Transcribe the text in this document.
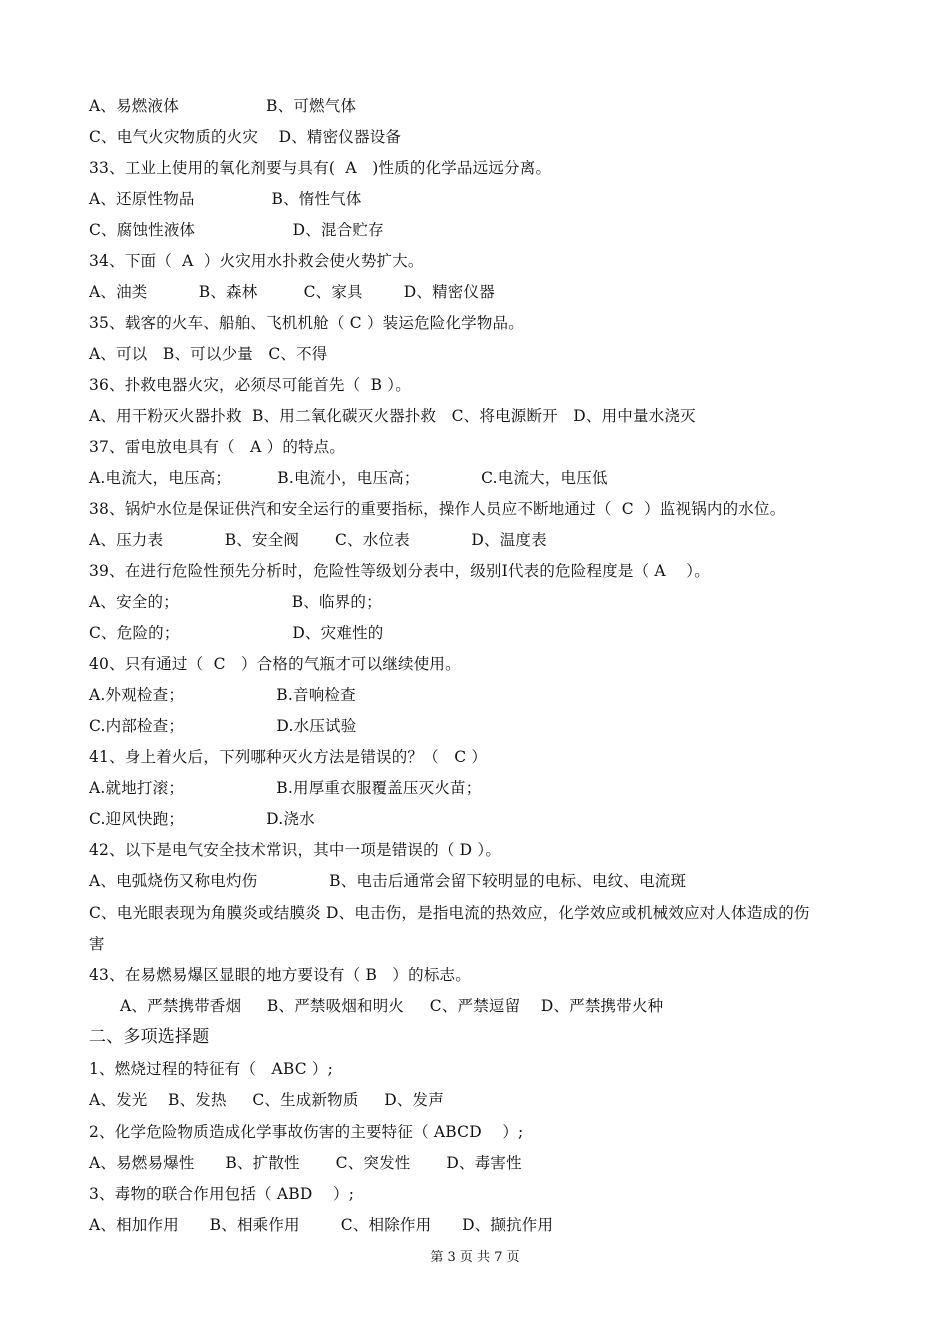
A、易燃液体                 B、可燃气体
C、电气火灾物质的火灾    D、精密仪器设备
33、工业上使用的氧化剂要与具有(  A   )性质的化学品远远分离。
A、还原性物品               B、惰性气体
C、腐蚀性液体                   D、混合贮存
34、下面（  A  ）火灾用水扑救会使火势扩大。
A、油类          B、森林         C、家具        D、精密仪器
35、载客的火车、船舶、飞机机舱（ C ）装运危险化学物品。
A、可以   B、可以少量   C、不得
36、扑救电器火灾，必须尽可能首先（  B ）。
A、用干粉灭火器扑救  B、用二氧化碳灭火器扑救   C、将电源断开   D、用中量水浇灭
37、雷电放电具有（   A ）的特点。
A.电流大，电压高；         B.电流小，电压高；            C.电流大，电压低
38、锅炉水位是保证供汽和安全运行的重要指标，操作人员应不断地通过（  C  ）监视锅内的水位。
A、压力表            B、安全阀       C、水位表            D、温度表
39、在进行危险性预先分析时，危险性等级划分表中，级别Ⅰ代表的危险程度是（ A    ）。
A、安全的；                      B、临界的；
C、危险的；                      D、灾难性的
40、只有通过（  C   ）合格的气瓶才可以继续使用。
A.外观检查；                  B.音响检查
C.内部检查；                  D.水压试验
41、身上着火后，下列哪种灭火方法是错误的？（   C ）
A.就地打滚；                  B.用厚重衣服覆盖压灭火苗；
C.迎风快跑；                D.浇水
42、以下是电气安全技术常识，其中一项是错误的（ D ）。
A、电弧烧伤又称电灼伤              B、电击后通常会留下较明显的电标、电纹、电流斑
C、电光眼表现为角膜炎或结膜炎 D、电击伤，是指电流的热效应，化学效应或机械效应对人体造成的伤
害
43、在易燃易爆区显眼的地方要设有（ B   ）的标志。
A、严禁携带香烟     B、严禁吸烟和明火     C、严禁逗留    D、严禁携带火种
二、多项选择题
1、燃烧过程的特征有（   ABC ）;
A、发光    B、发热     C、生成新物质     D、发声
2、化学危险物质造成化学事故伤害的主要特征（ ABCD    ）;
A、易燃易爆性      B、扩散性       C、突发性       D、毒害性
3、毒物的联合作用包括（ ABD    ）;
A、相加作用      B、相乘作用        C、相除作用      D、撷抗作用
第 3 页 共 7 页
